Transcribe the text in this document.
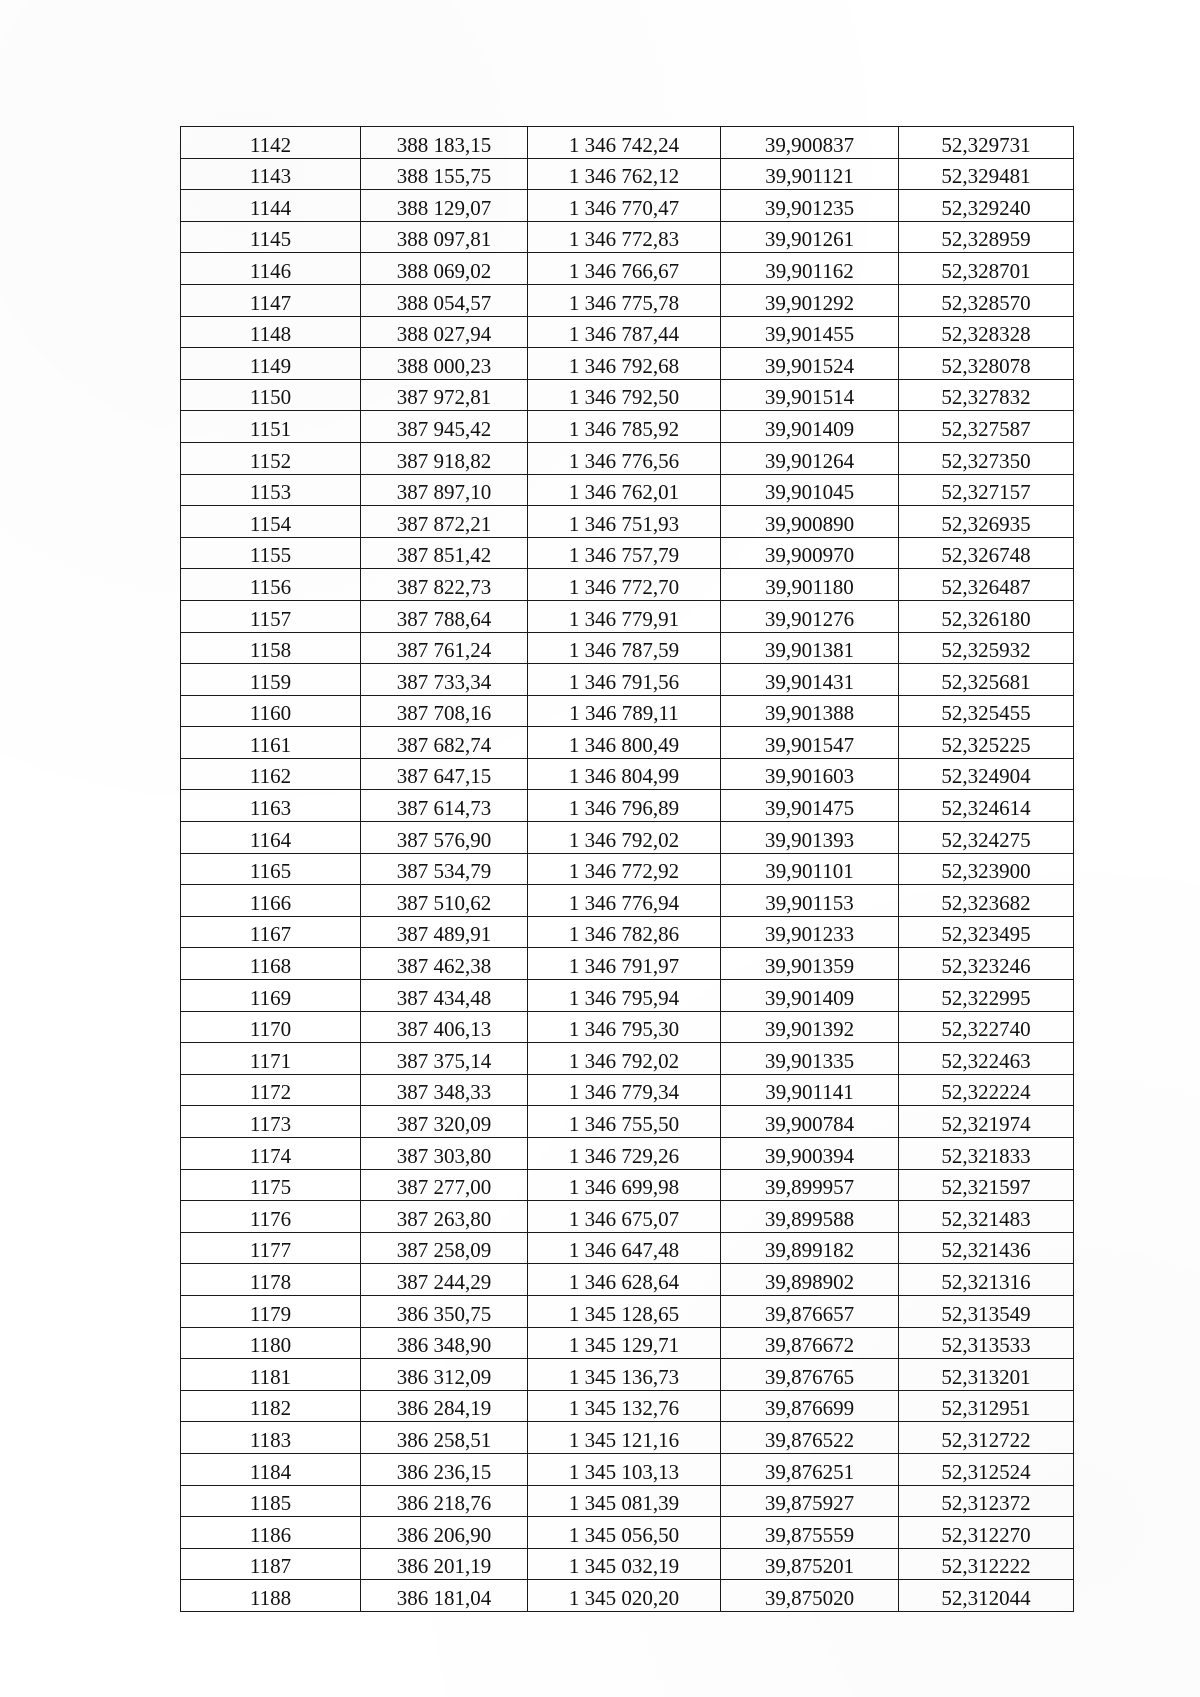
1142	388 183,15	1 346 742,24	39,900837	52,329731
1143	388 155,75	1 346 762,12	39,901121	52,329481
1144	388 129,07	1 346 770,47	39,901235	52,329240
1145	388 097,81	1 346 772,83	39,901261	52,328959
1146	388 069,02	1 346 766,67	39,901162	52,328701
1147	388 054,57	1 346 775,78	39,901292	52,328570
1148	388 027,94	1 346 787,44	39,901455	52,328328
1149	388 000,23	1 346 792,68	39,901524	52,328078
1150	387 972,81	1 346 792,50	39,901514	52,327832
1151	387 945,42	1 346 785,92	39,901409	52,327587
1152	387 918,82	1 346 776,56	39,901264	52,327350
1153	387 897,10	1 346 762,01	39,901045	52,327157
1154	387 872,21	1 346 751,93	39,900890	52,326935
1155	387 851,42	1 346 757,79	39,900970	52,326748
1156	387 822,73	1 346 772,70	39,901180	52,326487
1157	387 788,64	1 346 779,91	39,901276	52,326180
1158	387 761,24	1 346 787,59	39,901381	52,325932
1159	387 733,34	1 346 791,56	39,901431	52,325681
1160	387 708,16	1 346 789,11	39,901388	52,325455
1161	387 682,74	1 346 800,49	39,901547	52,325225
1162	387 647,15	1 346 804,99	39,901603	52,324904
1163	387 614,73	1 346 796,89	39,901475	52,324614
1164	387 576,90	1 346 792,02	39,901393	52,324275
1165	387 534,79	1 346 772,92	39,901101	52,323900
1166	387 510,62	1 346 776,94	39,901153	52,323682
1167	387 489,91	1 346 782,86	39,901233	52,323495
1168	387 462,38	1 346 791,97	39,901359	52,323246
1169	387 434,48	1 346 795,94	39,901409	52,322995
1170	387 406,13	1 346 795,30	39,901392	52,322740
1171	387 375,14	1 346 792,02	39,901335	52,322463
1172	387 348,33	1 346 779,34	39,901141	52,322224
1173	387 320,09	1 346 755,50	39,900784	52,321974
1174	387 303,80	1 346 729,26	39,900394	52,321833
1175	387 277,00	1 346 699,98	39,899957	52,321597
1176	387 263,80	1 346 675,07	39,899588	52,321483
1177	387 258,09	1 346 647,48	39,899182	52,321436
1178	387 244,29	1 346 628,64	39,898902	52,321316
1179	386 350,75	1 345 128,65	39,876657	52,313549
1180	386 348,90	1 345 129,71	39,876672	52,313533
1181	386 312,09	1 345 136,73	39,876765	52,313201
1182	386 284,19	1 345 132,76	39,876699	52,312951
1183	386 258,51	1 345 121,16	39,876522	52,312722
1184	386 236,15	1 345 103,13	39,876251	52,312524
1185	386 218,76	1 345 081,39	39,875927	52,312372
1186	386 206,90	1 345 056,50	39,875559	52,312270
1187	386 201,19	1 345 032,19	39,875201	52,312222
1188	386 181,04	1 345 020,20	39,875020	52,312044
